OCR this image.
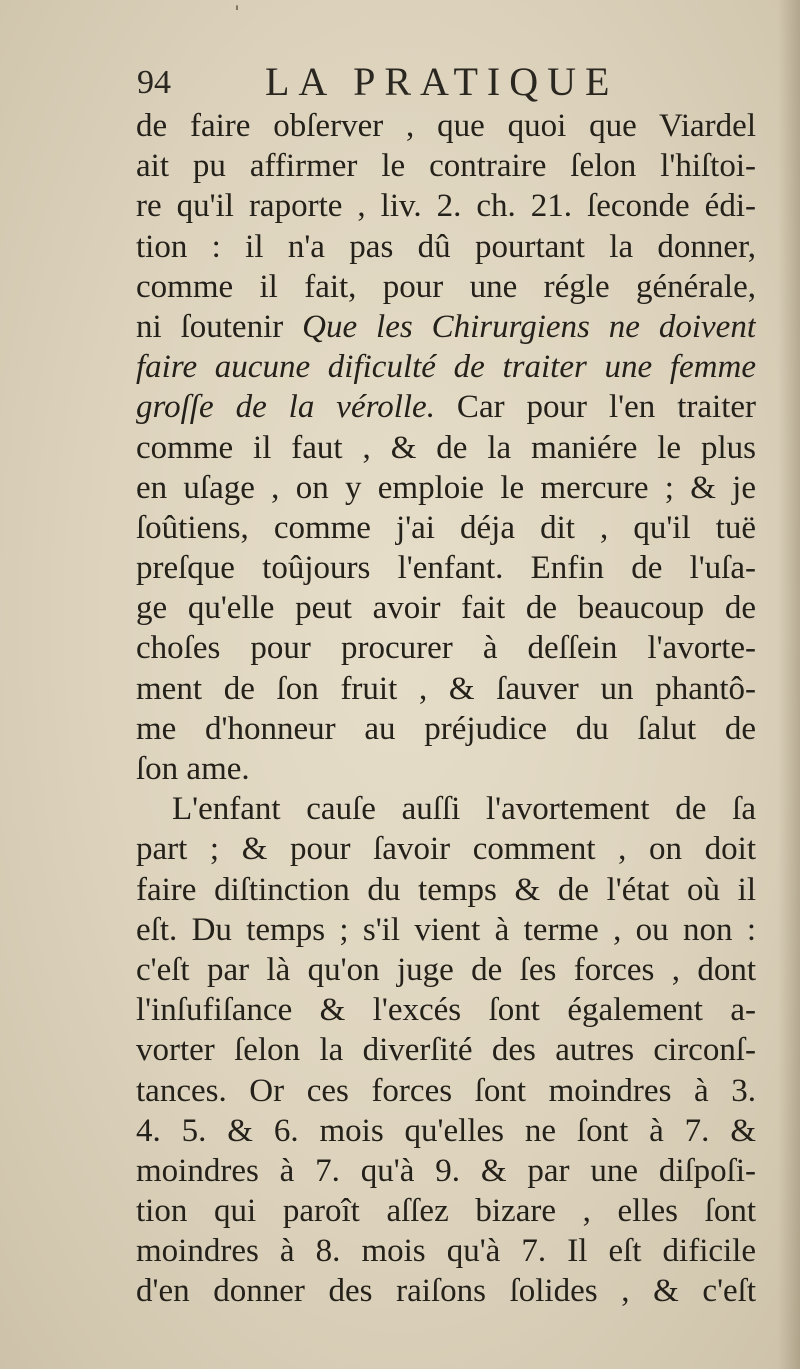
ˈ
94 LA PRATIQUE
de faire obſerver , que quoi que Viardel
ait pu affirmer le contraire ſelon l'hiſtoi-
re qu'il raporte , liv. 2. ch. 21. ſeconde édi-
tion : il n'a pas dû pourtant la donner,
comme il fait, pour une régle générale,
ni ſoutenir Que les Chirurgiens ne doivent
faire aucune dificulté de traiter une femme
groſſe de la vérolle. Car pour l'en traiter
comme il faut , & de la maniére le plus
en uſage , on y emploie le mercure ; & je
ſoûtiens, comme j'ai déja dit , qu'il tuë
preſque toûjours l'enfant. Enfin de l'uſa-
ge qu'elle peut avoir fait de beaucoup de
choſes pour procurer à deſſein l'avorte-
ment de ſon fruit , & ſauver un phantô-
me d'honneur au préjudice du ſalut de
ſon ame.
L'enfant cauſe auſſi l'avortement de ſa
part ; & pour ſavoir comment , on doit
faire diſtinction du temps & de l'état où il
eſt. Du temps ; s'il vient à terme , ou non :
c'eſt par là qu'on juge de ſes forces , dont
l'inſufiſance & l'excés ſont également a-
vorter ſelon la diverſité des autres circonſ-
tances. Or ces forces ſont moindres à 3.
4. 5. & 6. mois qu'elles ne ſont à 7. &
moindres à 7. qu'à 9. & par une diſpoſi-
tion qui paroît aſſez bizare , elles ſont
moindres à 8. mois qu'à 7. Il eſt dificile
d'en donner des raiſons ſolides , & c'eſt
